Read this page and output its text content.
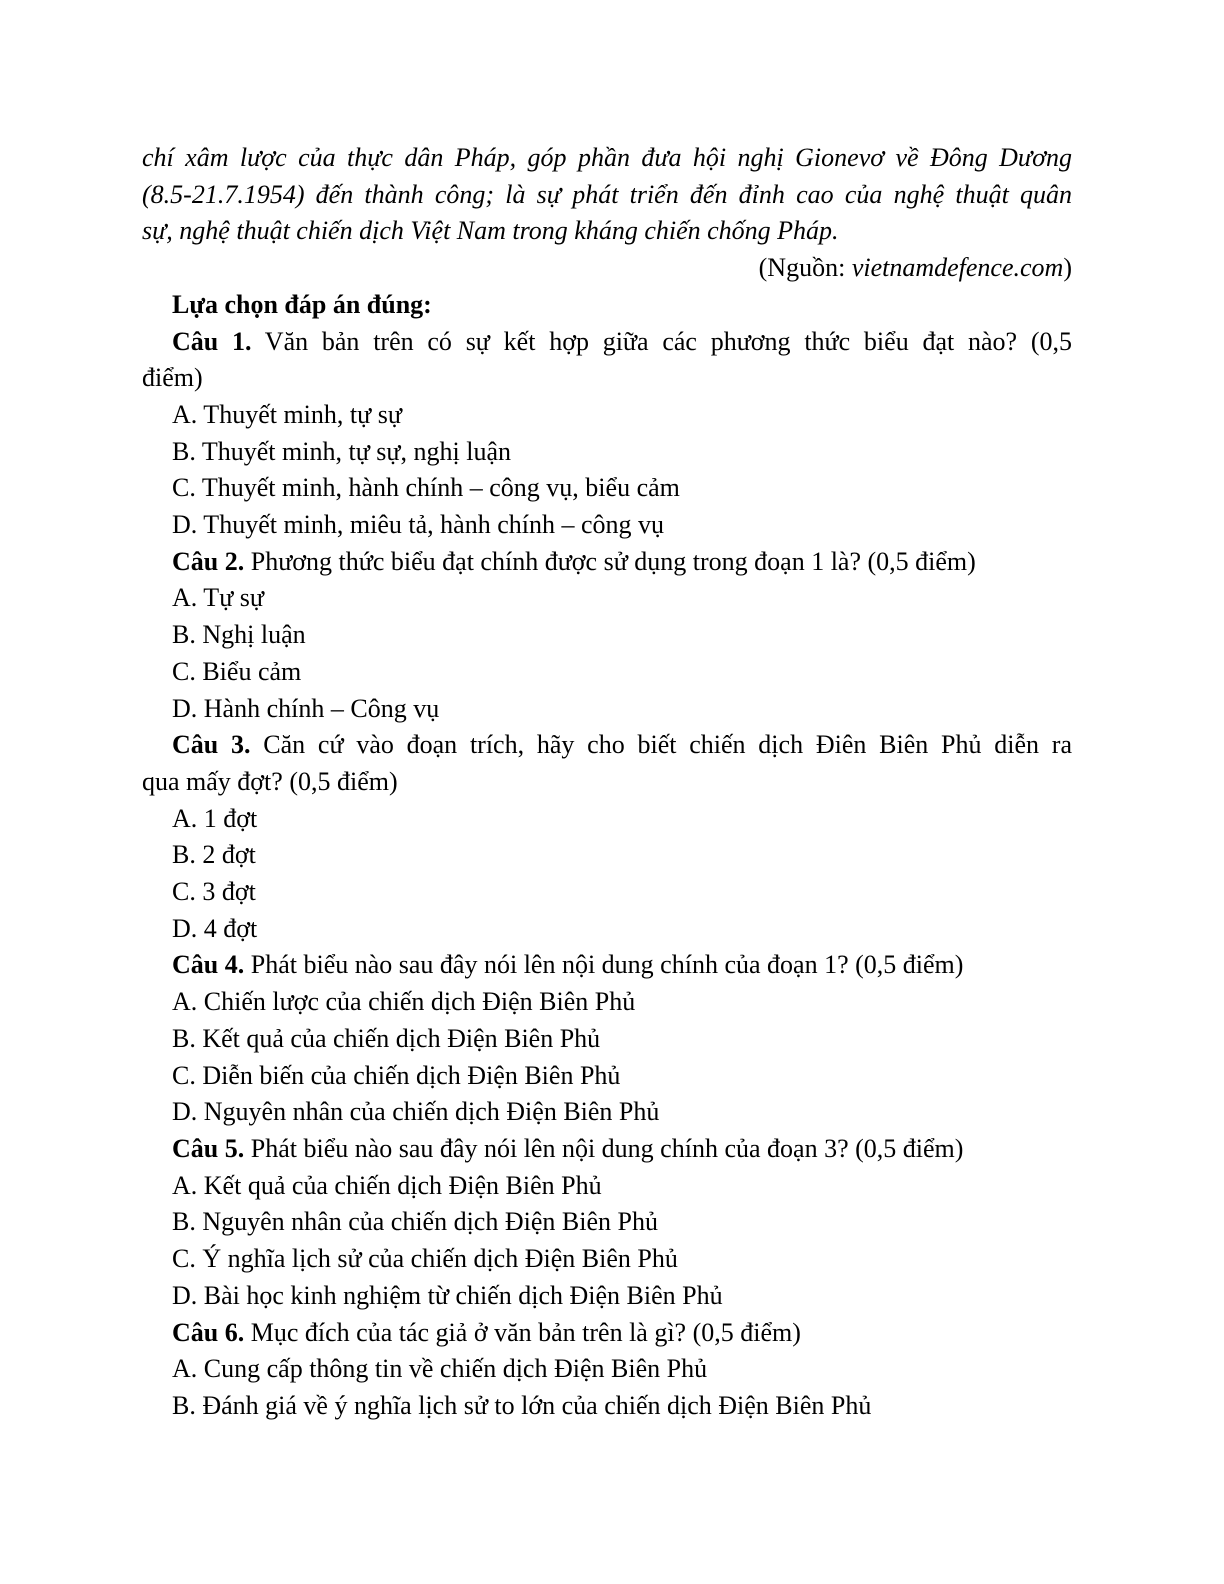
chí xâm lược của thực dân Pháp, góp phần đưa hội nghị Gionevơ về Đông Dương
(8.5-21.7.1954) đến thành công; là sự phát triển đến đỉnh cao của nghệ thuật quân
sự, nghệ thuật chiến dịch Việt Nam trong kháng chiến chống Pháp.
(Nguồn: vietnamdefence.com)
Lựa chọn đáp án đúng:
Câu 1. Văn bản trên có sự kết hợp giữa các phương thức biểu đạt nào? (0,5
điểm)
A. Thuyết minh, tự sự
B. Thuyết minh, tự sự, nghị luận
C. Thuyết minh, hành chính – công vụ, biểu cảm
D. Thuyết minh, miêu tả, hành chính – công vụ
Câu 2. Phương thức biểu đạt chính được sử dụng trong đoạn 1 là? (0,5 điểm)
A. Tự sự
B. Nghị luận
C. Biểu cảm
D. Hành chính – Công vụ
Câu 3. Căn cứ vào đoạn trích, hãy cho biết chiến dịch Điên Biên Phủ diễn ra
qua mấy đợt? (0,5 điểm)
A. 1 đợt
B. 2 đợt
C. 3 đợt
D. 4 đợt
Câu 4. Phát biểu nào sau đây nói lên nội dung chính của đoạn 1? (0,5 điểm)
A. Chiến lược của chiến dịch Điện Biên Phủ
B. Kết quả của chiến dịch Điện Biên Phủ
C. Diễn biến của chiến dịch Điện Biên Phủ
D. Nguyên nhân của chiến dịch Điện Biên Phủ
Câu 5. Phát biểu nào sau đây nói lên nội dung chính của đoạn 3? (0,5 điểm)
A. Kết quả của chiến dịch Điện Biên Phủ
B. Nguyên nhân của chiến dịch Điện Biên Phủ
C. Ý nghĩa lịch sử của chiến dịch Điện Biên Phủ
D. Bài học kinh nghiệm từ chiến dịch Điện Biên Phủ
Câu 6. Mục đích của tác giả ở văn bản trên là gì? (0,5 điểm)
A. Cung cấp thông tin về chiến dịch Điện Biên Phủ
B. Đánh giá về ý nghĩa lịch sử to lớn của chiến dịch Điện Biên Phủ
